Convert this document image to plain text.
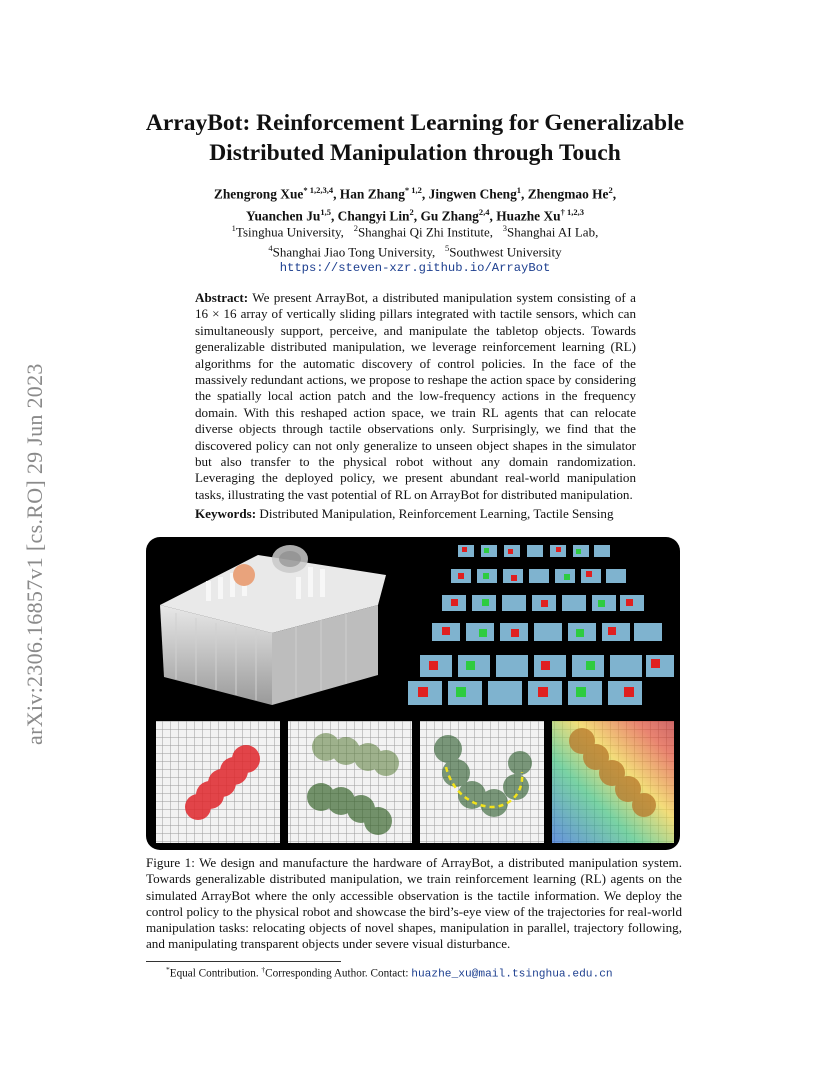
arXiv:2306.16857v1 [cs.RO] 29 Jun 2023
ArrayBot: Reinforcement Learning for Generalizable
Distributed Manipulation through Touch
Zhengrong Xue$^{* 1,2,3,4}$, Han Zhang$^{* 1,2}$, Jingwen Cheng$^1$, Zhengmao He$^2$,
Yuanchen Ju$^{1,5}$, Changyi Lin$^2$, Gu Zhang$^{2,4}$, Huazhe Xu$^{\dagger 1,2,3}$
$^1$Tsinghua University, $^2$Shanghai Qi Zhi Institute, $^3$Shanghai AI Lab,
$^4$Shanghai Jiao Tong University, $^5$Southwest University
https://steven-xzr.github.io/ArrayBot
Abstract: We present ArrayBot, a distributed manipulation system consisting of a 16 × 16 array of vertically sliding pillars integrated with tactile sensors, which can simultaneously support, perceive, and manipulate the tabletop objects. Towards generalizable distributed manipulation, we leverage reinforcement learning (RL) algorithms for the automatic discovery of control policies. In the face of the massively redundant actions, we propose to reshape the action space by considering the spatially local action patch and the low-frequency actions in the frequency domain. With this reshaped action space, we train RL agents that can relocate diverse objects through tactile observations only. Surprisingly, we find that the discovered policy can not only generalize to unseen object shapes in the simulator but also transfer to the physical robot without any domain randomization. Leveraging the deployed policy, we present abundant real-world manipulation tasks, illustrating the vast potential of RL on ArrayBot for distributed manipulation.
Keywords: Distributed Manipulation, Reinforcement Learning, Tactile Sensing
Figure 1: We design and manufacture the hardware of ArrayBot, a distributed manipulation system. Towards generalizable distributed manipulation, we train reinforcement learning (RL) agents on the simulated ArrayBot where the only accessible observation is the tactile information. We deploy the control policy to the physical robot and showcase the bird’s-eye view of the trajectories for real-world manipulation tasks: relocating objects of novel shapes, manipulation in parallel, trajectory following, and manipulating transparent objects under severe visual disturbance.
*Equal Contribution. †Corresponding Author. Contact: huazhe_xu@mail.tsinghua.edu.cn
